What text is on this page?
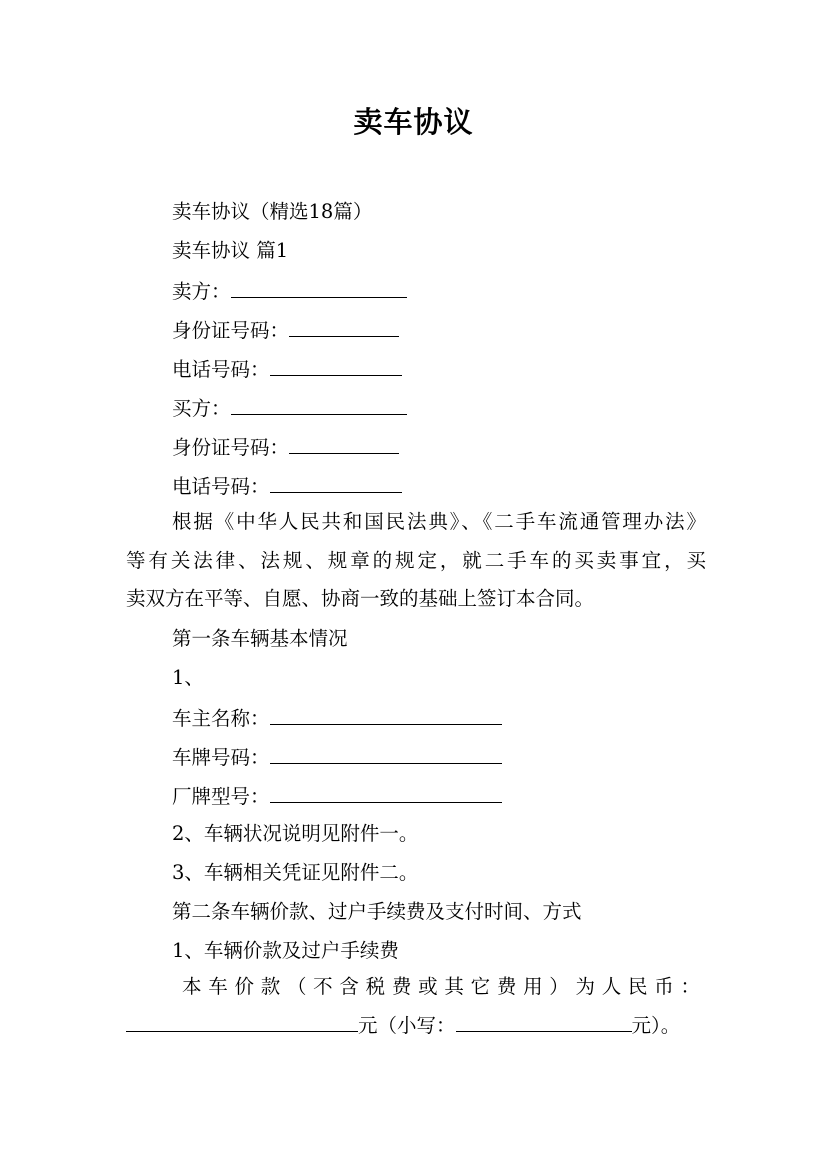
卖车协议
卖车协议（精选18篇）
卖车协议 篇1
卖方：
身份证号码：
电话号码：
买方：
身份证号码：
电话号码：
根据《中华人民共和国民法典》、《二手车流通管理办法》
等有关法律、法规、规章的规定，就二手车的买卖事宜，买
卖双方在平等、自愿、协商一致的基础上签订本合同。
第一条车辆基本情况
1、
车主名称：
车牌号码：
厂牌型号：
2、车辆状况说明见附件一。
3、车辆相关凭证见附件二。
第二条车辆价款、过户手续费及支付时间、方式
1、车辆价款及过户手续费
本车价款（不含税费或其它费用）为人民币：
元（小写：	元）。
